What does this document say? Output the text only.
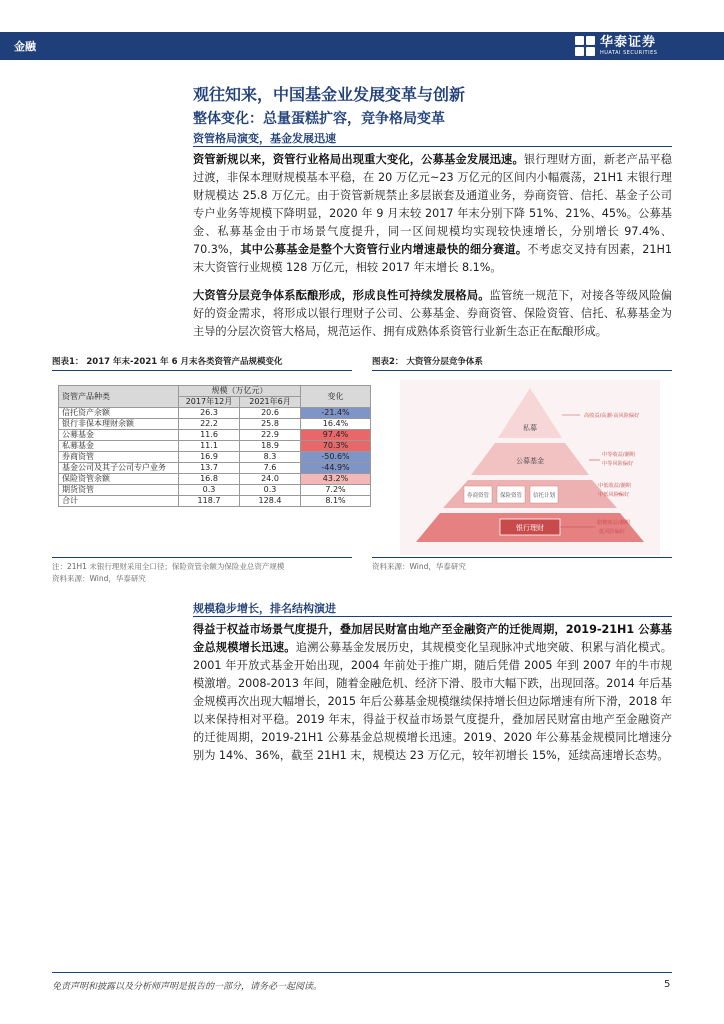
金融	华泰证券
HUATAI SECURITIES
观往知来，中国基金业发展变革与创新
整体变化：总量蛋糕扩容，竞争格局变革
资管格局演变，基金发展迅速

资管新规以来，资管行业格局出现重大变化，公募基金发展迅速。银行理财方面，新老产品平稳过渡，非保本理财规模基本平稳，在 20 万亿元~23 万亿元的区间内小幅震荡，21H1 末银行理财规模达 25.8 万亿元。由于资管新规禁止多层嵌套及通道业务，券商资管、信托、基金子公司专户业务等规模下降明显，2020 年 9 月末较 2017 年末分别下降 51%、21%、45%。公募基金、私募基金由于市场景气度提升，同一区间规模均实现较快速增长，分别增长 97.4%、70.3%，其中公募基金是整个大资管行业内增速最快的细分赛道。不考虑交叉持有因素，21H1 末大资管行业规模 128 万亿元，相较 2017 年末增长 8.1%。

大资管分层竞争体系酝酿形成，形成良性可持续发展格局。监管统一规范下，对接各等级风险偏好的资金需求，将形成以银行理财子公司、公募基金、券商资管、保险资管、信托、私募基金为主导的分层次资管大格局，规范运作、拥有成熟体系资管行业新生态正在酝酿形成。

图表1： 2017 年末-2021 年 6 月末各类资管产品规模变化	图表2： 大资管分层竞争体系
资管产品种类	规模（万亿元）		变化
	2017年12月	2021年6月	
信托资产余额	26.3	20.6	-21.4%
银行非保本理财余额	22.2	25.8	16.4%
公募基金	11.6	22.9	97.4%
私募基金	11.1	18.9	70.3%
券商资管	16.9	8.3	-50.6%
基金公司及其子公司专户业务	13.7	7.6	-44.9%
保险资管余额	16.8	24.0	43.2%
期货资管	0.3	0.3	7.2%
合计	118.7	128.4	8.1%
注：21H1 末银行理财采用全口径；保险资管余额为保险业总资产规模
资料来源：Wind，华泰研究
私募
公募基金
券商资管 保险资管 信托计划
银行理财
高收益/高潮·高风险偏好
中等收益/潮期
中等风险偏好
中低收益/潮期
中低风险偏好
稳健收益/潮期
低风险偏好
资料来源：Wind，华泰研究
规模稳步增长，排名结构演进

得益于权益市场景气度提升，叠加居民财富由地产至金融资产的迁徙周期，2019-21H1 公募基金总规模增长迅速。追溯公募基金发展历史，其规模变化呈现脉冲式地突破、积累与消化模式。2001 年开放式基金开始出现，2004 年前处于推广期，随后凭借 2005 年到 2007 年的牛市规模激增。2008-2013 年间，随着金融危机、经济下滑、股市大幅下跌，出现回落。2014 年后基金规模再次出现大幅增长，2015 年后公募基金规模继续保持增长但边际增速有所下滑，2018 年以来保持相对平稳。2019 年末，得益于权益市场景气度提升，叠加居民财富由地产至金融资产的迁徙周期，2019-21H1 公募基金总规模增长迅速。2019、2020 年公募基金规模同比增速分别为 14%、36%，截至 21H1 末，规模达 23 万亿元，较年初增长 15%，延续高速增长态势。

免责声明和披露以及分析师声明是报告的一部分，请务必一起阅读。	5
